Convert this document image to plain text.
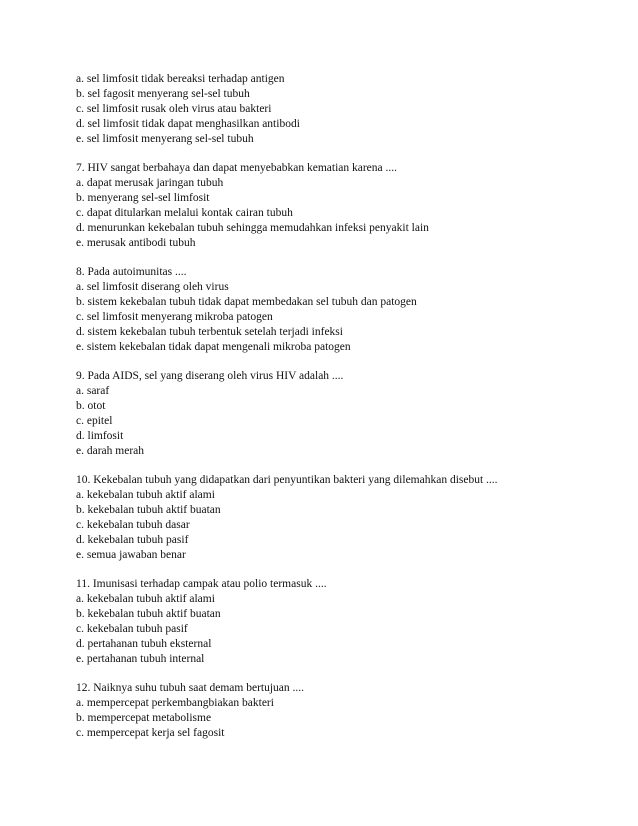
a. sel limfosit tidak bereaksi terhadap antigen
b. sel fagosit menyerang sel-sel tubuh
c. sel limfosit rusak oleh virus atau bakteri
d. sel limfosit tidak dapat menghasilkan antibodi
e. sel limfosit menyerang sel-sel tubuh
7. HIV sangat berbahaya dan dapat menyebabkan kematian karena ....
a. dapat merusak jaringan tubuh
b. menyerang sel-sel limfosit
c. dapat ditularkan melalui kontak cairan tubuh
d. menurunkan kekebalan tubuh sehingga memudahkan infeksi penyakit lain
e. merusak antibodi tubuh
8. Pada autoimunitas ....
a. sel limfosit diserang oleh virus
b. sistem kekebalan tubuh tidak dapat membedakan sel tubuh dan patogen
c. sel limfosit menyerang mikroba patogen
d. sistem kekebalan tubuh terbentuk setelah terjadi infeksi
e. sistem kekebalan tidak dapat mengenali mikroba patogen
9. Pada AIDS, sel yang diserang oleh virus HIV adalah ....
a. saraf
b. otot
c. epitel
d. limfosit
e. darah merah
10. Kekebalan tubuh yang didapatkan dari penyuntikan bakteri yang dilemahkan disebut ....
a. kekebalan tubuh aktif alami
b. kekebalan tubuh aktif buatan
c. kekebalan tubuh dasar
d. kekebalan tubuh pasif
e. semua jawaban benar
11. Imunisasi terhadap campak atau polio termasuk ....
a. kekebalan tubuh aktif alami
b. kekebalan tubuh aktif buatan
c. kekebalan tubuh pasif
d. pertahanan tubuh eksternal
e. pertahanan tubuh internal
12. Naiknya suhu tubuh saat demam bertujuan ....
a. mempercepat perkembangbiakan bakteri
b. mempercepat metabolisme
c. mempercepat kerja sel fagosit
